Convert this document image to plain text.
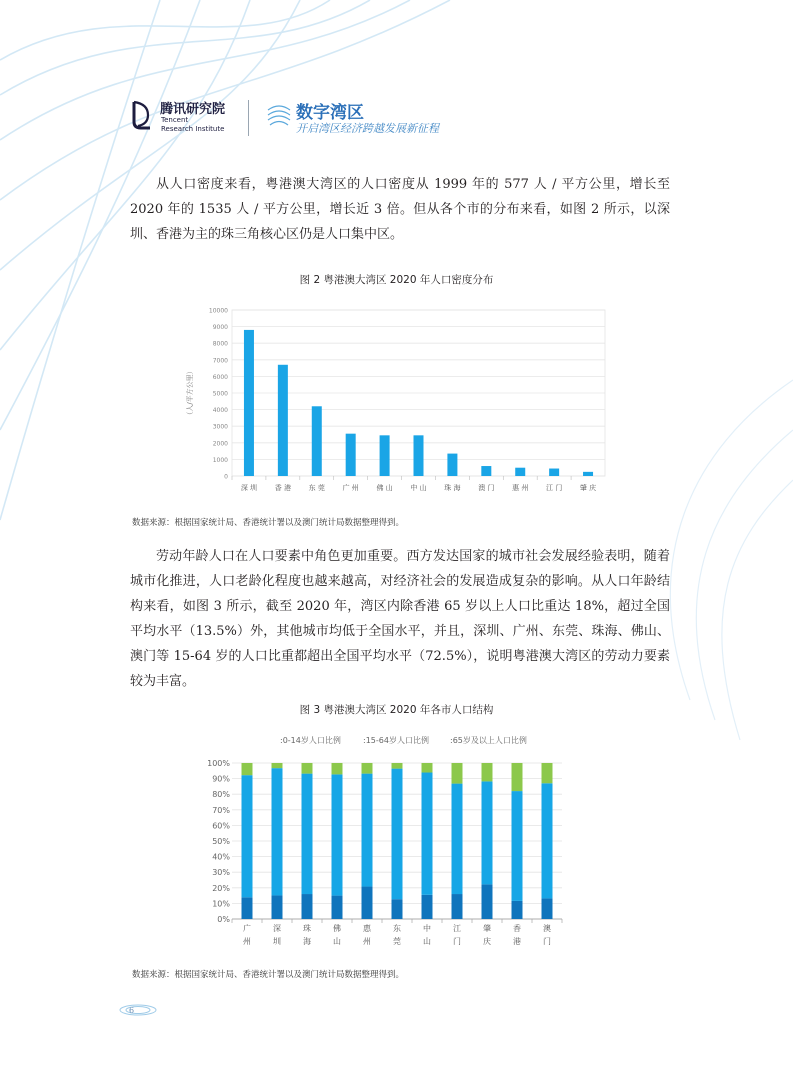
腾讯研究院
Tencent
Research Institute
数字湾区
开启湾区经济跨越发展新征程

从人口密度来看，粤港澳大湾区的人口密度从 1999 年的 577 人 / 平方公里，增长至 2020 年的 1535 人 / 平方公里，增长近 3 倍。但从各个市的分布来看，如图 2 所示，以深圳、香港为主的珠三角核心区仍是人口集中区。

图 2 粤港澳大湾区 2020 年人口密度分布
0
1000
2000
3000
4000
5000
6000
7000
8000
9000
10000
（人/平方公里）
深 圳	香 港	东 莞	广 州	佛 山	中 山	珠 海	澳 门	惠 州	江 门	肇 庆
数据来源：根据国家统计局、香港统计署以及澳门统计局数据整理得到。

劳动年龄人口在人口要素中角色更加重要。西方发达国家的城市社会发展经验表明，随着城市化推进，人口老龄化程度也越来越高，对经济社会的发展造成复杂的影响。从人口年龄结构来看，如图 3 所示，截至 2020 年，湾区内除香港 65 岁以上人口比重达 18%，超过全国平均水平（13.5%）外，其他城市均低于全国水平，并且，深圳、广州、东莞、珠海、佛山、澳门等 15-64 岁的人口比重都超出全国平均水平（72.5%），说明粤港澳大湾区的劳动力要素较为丰富。

图 3 粤港澳大湾区 2020 年各市人口结构
:0-14岁人口比例	:15-64岁人口比例	:65岁及以上人口比例
0%
10%
20%
30%
40%
50%
60%
70%
80%
90%
100%
广
州
深
圳
珠
海
佛
山
惠
州
东
莞
中
山
江
门
肇
庆
香
港
澳
门
数据来源：根据国家统计局、香港统计署以及澳门统计局数据整理得到。
6
